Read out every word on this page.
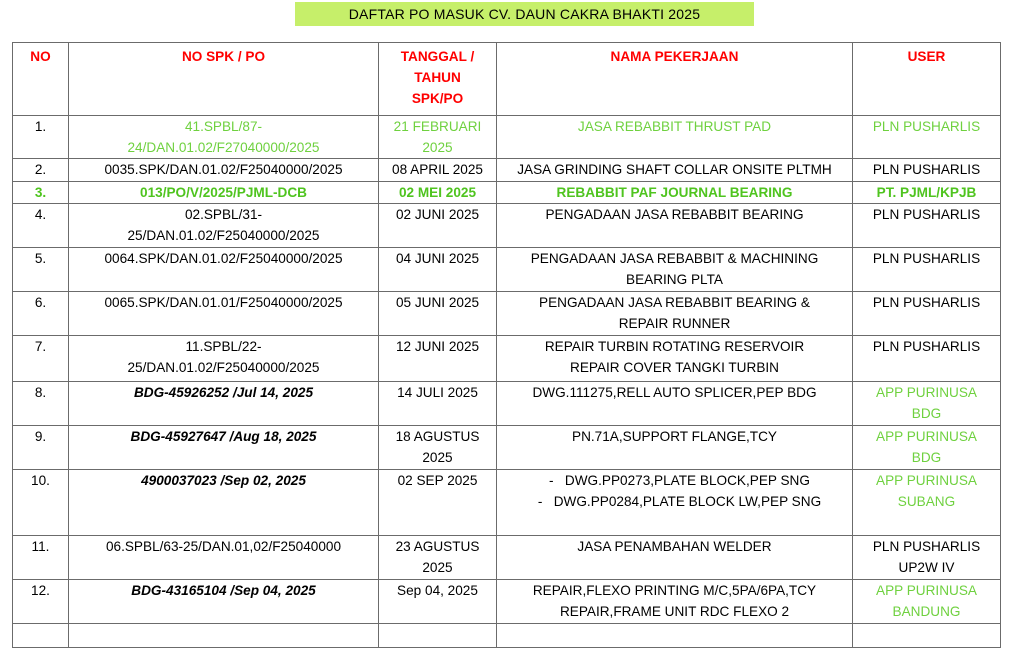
DAFTAR PO MASUK CV. DAUN CAKRA BHAKTI 2025
NO	NO SPK / PO	TANGGAL / TAHUN SPK/PO	NAMA PEKERJAAN	USER
1.	41.SPBL/87-24/DAN.01.02/F27040000/2025	21 FEBRUARI 2025	JASA REBABBIT THRUST PAD	PLN PUSHARLIS
2.	0035.SPK/DAN.01.02/F25040000/2025	08 APRIL 2025	JASA GRINDING SHAFT COLLAR ONSITE PLTMH	PLN PUSHARLIS
3.	013/PO/V/2025/PJML-DCB	02 MEI 2025	REBABBIT PAF JOURNAL BEARING	PT. PJML/KPJB
4.	02.SPBL/31-25/DAN.01.02/F25040000/2025	02 JUNI 2025	PENGADAAN JASA REBABBIT BEARING	PLN PUSHARLIS
5.	0064.SPK/DAN.01.02/F25040000/2025	04 JUNI 2025	PENGADAAN JASA REBABBIT & MACHINING BEARING PLTA	PLN PUSHARLIS
6.	0065.SPK/DAN.01.01/F25040000/2025	05 JUNI 2025	PENGADAAN JASA REBABBIT BEARING & REPAIR RUNNER	PLN PUSHARLIS
7.	11.SPBL/22-25/DAN.01.02/F25040000/2025	12 JUNI 2025	REPAIR TURBIN ROTATING RESERVOIR REPAIR COVER TANGKI TURBIN	PLN PUSHARLIS
8.	BDG-45926252 /Jul 14, 2025	14 JULI 2025	DWG.111275,RELL AUTO SPLICER,PEP BDG	APP PURINUSA BDG
9.	BDG-45927647 /Aug 18, 2025	18 AGUSTUS 2025	PN.71A,SUPPORT FLANGE,TCY	APP PURINUSA BDG
10.	4900037023 /Sep 02, 2025	02 SEP 2025	-   DWG.PP0273,PLATE BLOCK,PEP SNG
-   DWG.PP0284,PLATE BLOCK LW,PEP SNG	APP PURINUSA SUBANG
11.	06.SPBL/63-25/DAN.01,02/F25040000	23 AGUSTUS 2025	JASA PENAMBAHAN WELDER	PLN PUSHARLIS UP2W IV
12.	BDG-43165104 /Sep 04, 2025	Sep 04, 2025	REPAIR,FLEXO PRINTING M/C,5PA/6PA,TCY REPAIR,FRAME UNIT RDC FLEXO 2	APP PURINUSA BANDUNG
